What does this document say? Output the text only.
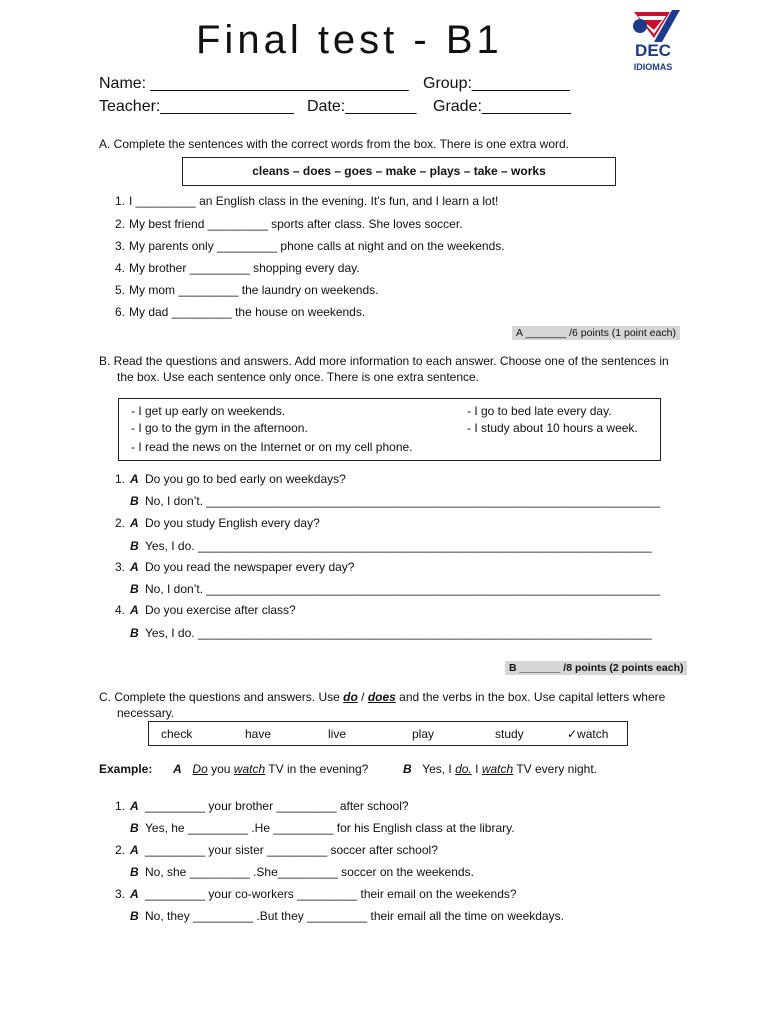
Final test - B1	DEC
IDIOMAS
Name: _____________________________ Group:___________
Teacher:_______________ Date:________ Grade:__________
A. Complete the sentences with the correct words from the box. There is one extra word.
cleans – does – goes – make – plays – take – works
1. I _________ an English class in the evening. It’s fun, and I learn a lot!
2. My best friend _________ sports after class. She loves soccer.
3. My parents only _________ phone calls at night and on the weekends.
4. My brother _________ shopping every day.
5. My mom _________ the laundry on weekends.
6. My dad _________ the house on weekends.
A _______ /6 points (1 point each)
B. Read the questions and answers. Add more information to each answer. Choose one of the sentences in
the box. Use each sentence only once. There is one extra sentence.
- I get up early on weekends.
- I go to the gym in the afternoon.
- I read the news on the Internet or on my cell phone.
- I go to bed late every day.
- I study about 10 hours a week.
1. A Do you go to bed early on weekdays?
B No, I don’t. ____________________________________________________________________
2. A Do you study English every day?
B Yes, I do. ____________________________________________________________________
3. A Do you read the newspaper every day?
B No, I don’t. ____________________________________________________________________
4. A Do you exercise after class?
B Yes, I do. ____________________________________________________________________
B _______ /8 points (2 points each)
C. Complete the questions and answers. Use do / does and the verbs in the box. Use capital letters where
necessary.
check	have	live	play	study	✓watch
Example: A Do you watch TV in the evening?	B Yes, I do. I watch TV every night.
1. A _________ your brother _________ after school?
B Yes, he _________ .He _________ for his English class at the library.
2. A _________ your sister _________ soccer after school?
B No, she _________ .She_________ soccer on the weekends.
3. A _________ your co-workers _________ their email on the weekends?
B No, they _________ .But they _________ their email all the time on weekdays.
